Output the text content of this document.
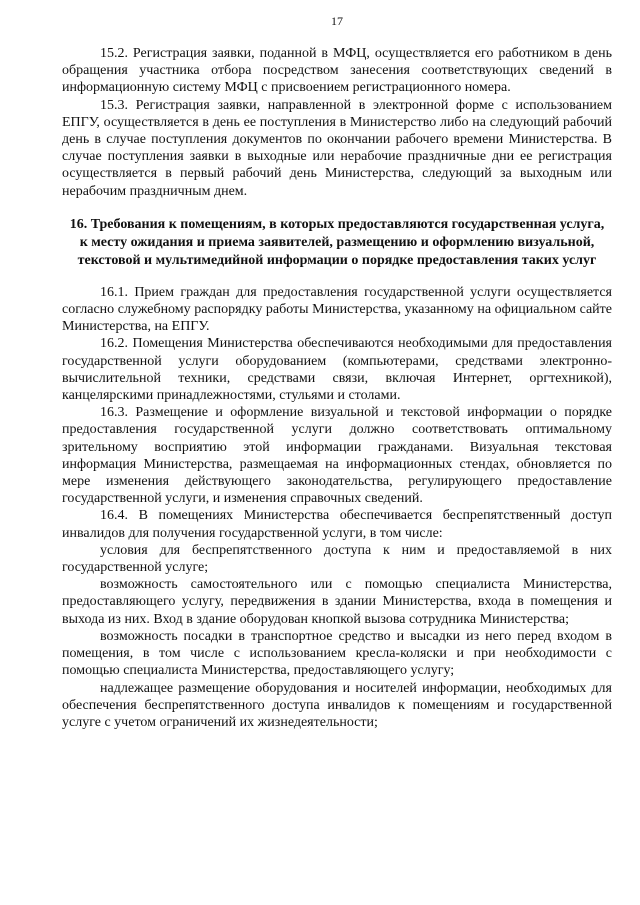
17

15.2. Регистрация заявки, поданной в МФЦ, осуществляется его работником в день обращения участника отбора посредством занесения соответствующих сведений в информационную систему МФЦ с присвоением регистрационного номера.

15.3. Регистрация заявки, направленной в электронной форме с использованием ЕПГУ, осуществляется в день ее поступления в Министерство либо на следующий рабочий день в случае поступления документов по окончании рабочего времени Министерства. В случае поступления заявки в выходные или нерабочие праздничные дни ее регистрация осуществляется в первый рабочий день Министерства, следующий за выходным или нерабочим праздничным днем.

16. Требования к помещениям, в которых предоставляются государственная услуга, к месту ожидания и приема заявителей, размещению и оформлению визуальной, текстовой и мультимедийной информации о порядке предоставления таких услуг

16.1. Прием граждан для предоставления государственной услуги осуществляется согласно служебному распорядку работы Министерства, указанному на официальном сайте Министерства, на ЕПГУ.

16.2. Помещения Министерства обеспечиваются необходимыми для предоставления государственной услуги оборудованием (компьютерами, средствами электронно-вычислительной техники, средствами связи, включая Интернет, оргтехникой), канцелярскими принадлежностями, стульями и столами.

16.3. Размещение и оформление визуальной и текстовой информации о порядке предоставления государственной услуги должно соответствовать оптимальному зрительному восприятию этой информации гражданами. Визуальная текстовая информация Министерства, размещаемая на информационных стендах, обновляется по мере изменения действующего законодательства, регулирующего предоставление государственной услуги, и изменения справочных сведений.

16.4. В помещениях Министерства обеспечивается беспрепятственный доступ инвалидов для получения государственной услуги, в том числе:

условия для беспрепятственного доступа к ним и предоставляемой в них государственной услуге;

возможность самостоятельного или с помощью специалиста Министерства, предоставляющего услугу, передвижения в здании Министерства, входа в помещения и выхода из них. Вход в здание оборудован кнопкой вызова сотрудника Министерства;

возможность посадки в транспортное средство и высадки из него перед входом в помещения, в том числе с использованием кресла-коляски и при необходимости с помощью специалиста Министерства, предоставляющего услугу;

надлежащее размещение оборудования и носителей информации, необходимых для обеспечения беспрепятственного доступа инвалидов к помещениям и государственной услуге с учетом ограничений их жизнедеятельности;
